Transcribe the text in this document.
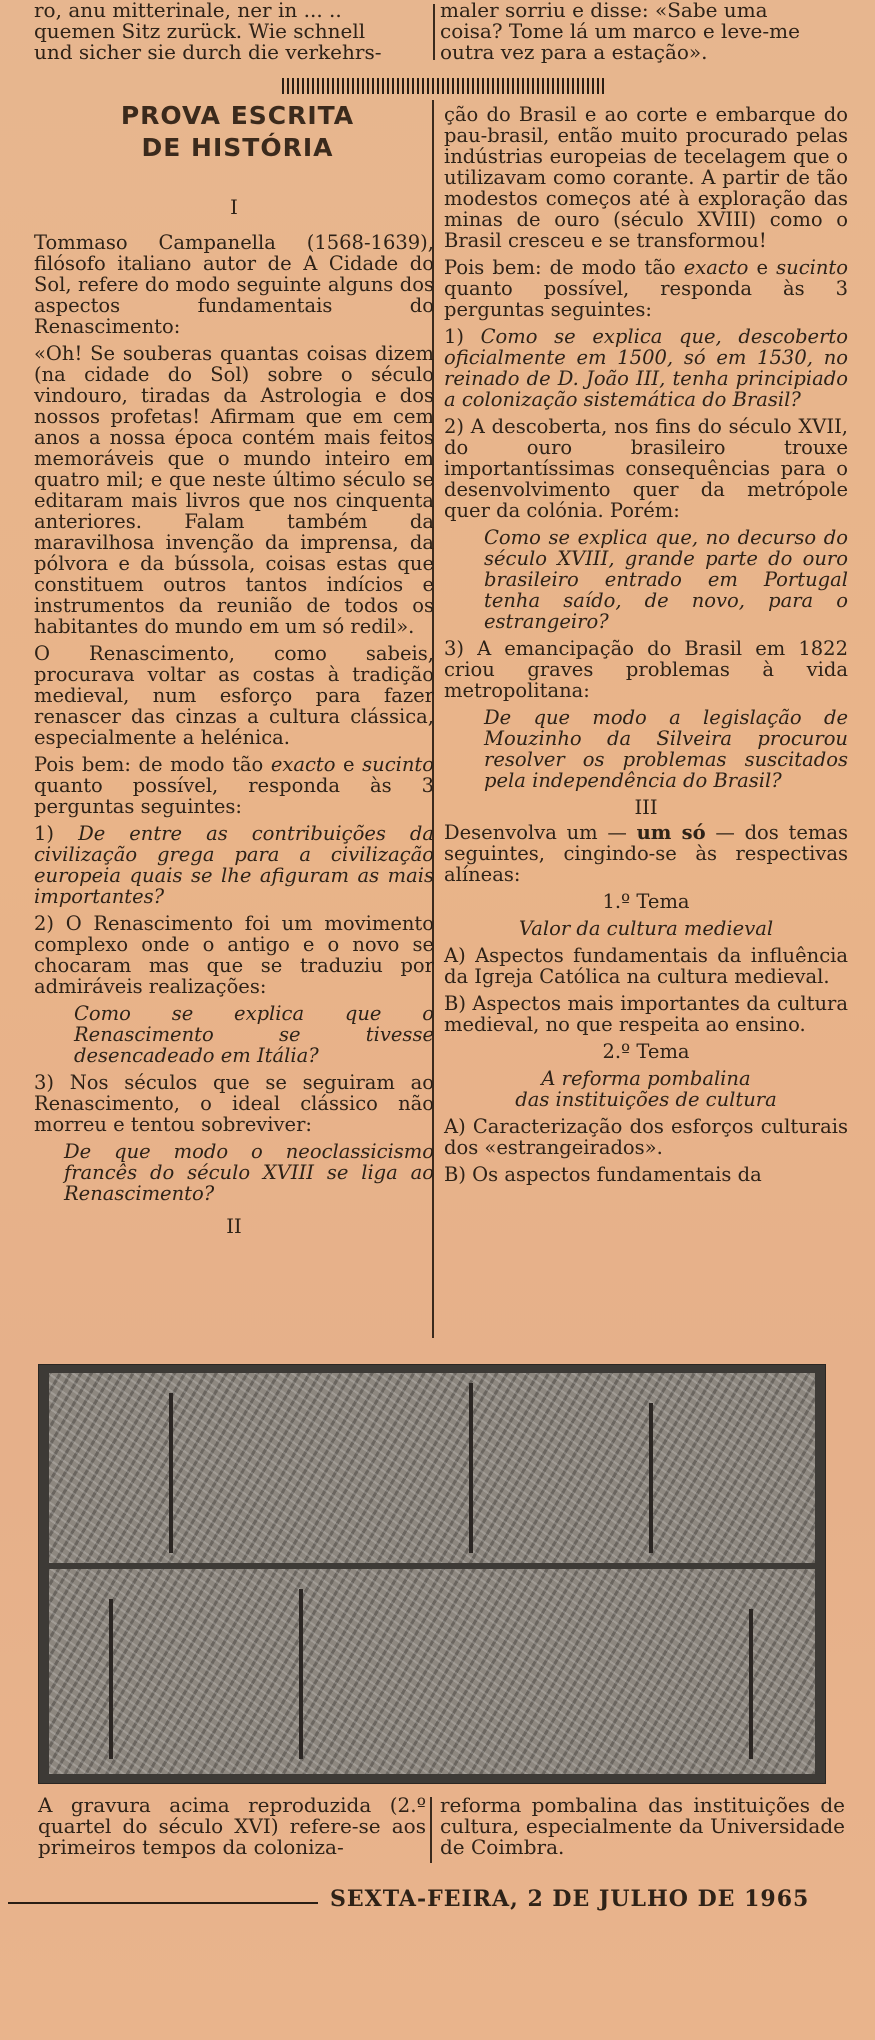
ro, anu mitterinale, ner in ... ..
quemen Sitz zurück. Wie schnell
und sicher sie durch die verkehrs-
maler sorriu e disse: «Sabe uma
coisa? Tome lá um marco e leve-me
outra vez para a estação».
PROVA ESCRITA
DE HISTÓRIA

I

Tommaso Campanella (1568-1639), filósofo italiano autor de A Cidade do Sol, refere do modo seguinte alguns dos aspectos fundamentais do Renascimento:

«Oh! Se souberas quantas coisas dizem (na cidade do Sol) sobre o século vindouro, tiradas da Astrologia e dos nossos profetas! Afirmam que em cem anos a nossa época contém mais feitos memoráveis que o mundo inteiro em quatro mil; e que neste último século se editaram mais livros que nos cinquenta anteriores. Falam também da maravilhosa invenção da imprensa, da pólvora e da bússola, coisas estas que constituem outros tantos indícios e instrumentos da reunião de todos os habitantes do mundo em um só redil».

O Renascimento, como sabeis, procurava voltar as costas à tradição medieval, num esforço para fazer renascer das cinzas a cultura clássica, especialmente a helénica.

Pois bem: de modo tão exacto e sucinto quanto possível, responda às 3 perguntas seguintes:

1) De entre as contribuições da civilização grega para a civilização europeia quais se lhe afiguram as mais importantes?

2) O Renascimento foi um movimento complexo onde o antigo e o novo se chocaram mas que se traduziu por admiráveis realizações:

Como se explica que o Renascimento se tivesse desencadeado em Itália?

3) Nos séculos que se seguiram ao Renascimento, o ideal clássico não morreu e tentou sobreviver:

De que modo o neoclassicismo francês do século XVIII se liga ao Renascimento?

II

ção do Brasil e ao corte e embarque do pau-brasil, então muito procurado pelas indústrias europeias de tecelagem que o utilizavam como corante. A partir de tão modestos começos até à exploração das minas de ouro (século XVIII) como o Brasil cresceu e se transformou!

Pois bem: de modo tão exacto e sucinto quanto possível, responda às 3 perguntas seguintes:

1) Como se explica que, descoberto oficialmente em 1500, só em 1530, no reinado de D. João III, tenha principiado a colonização sistemática do Brasil?

2) A descoberta, nos fins do século XVII, do ouro brasileiro trouxe importantíssimas consequências para o desenvolvimento quer da metrópole quer da colónia. Porém:

Como se explica que, no decurso do século XVIII, grande parte do ouro brasileiro entrado em Portugal tenha saído, de novo, para o estrangeiro?

3) A emancipação do Brasil em 1822 criou graves problemas à vida metropolitana:

De que modo a legislação de Mouzinho da Silveira procurou resolver os problemas suscitados pela independência do Brasil?

III

Desenvolva um — um só — dos temas seguintes, cingindo-se às respectivas alíneas:

1.º Tema

Valor da cultura medieval

A) Aspectos fundamentais da influência da Igreja Católica na cultura medieval.

B) Aspectos mais importantes da cultura medieval, no que respeita ao ensino.

2.º Tema

A reforma pombalina

das instituições de cultura

A) Caracterização dos esforços culturais dos «estrangeirados».

B) Os aspectos fundamentais da

A gravura acima reproduzida (2.º quartel do século XVI) refere-se aos primeiros tempos da coloniza-
reforma pombalina das instituições de cultura, especialmente da Universidade de Coimbra.
SEXTA-FEIRA, 2 DE JULHO DE 1965
